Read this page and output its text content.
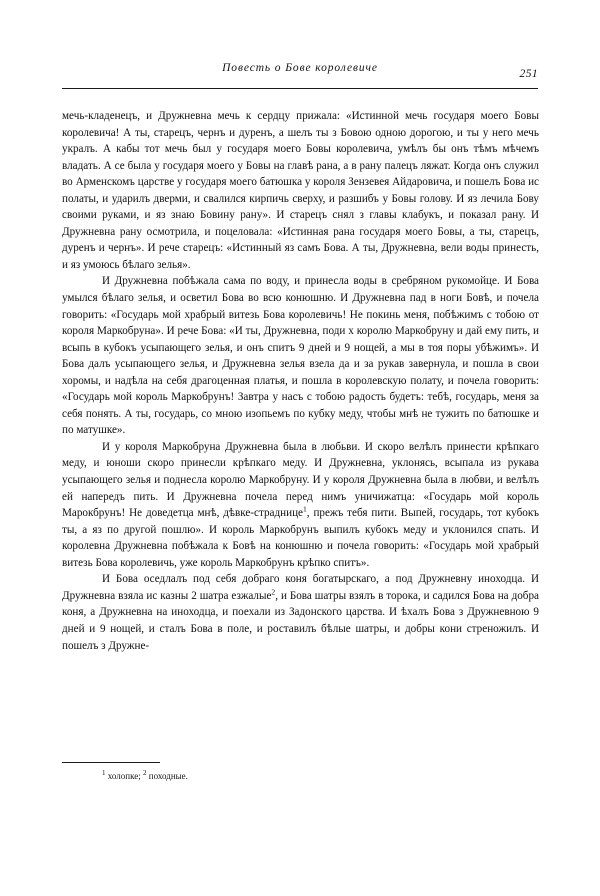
Повесть о Бове королевиче	251

мечь-кладенецъ, и Дружневна мечь к сердцу прижала: «Истинной мечь государя моего Бовы королевича! А ты, старецъ, чернъ и дуренъ, а шелъ ты з Бовою одною дорогою, и ты у него мечь укралъ. А кабы тот мечь был у государя моего Бовы королевича, умѣлъ бы онъ тѣмъ мѣчемъ владать. А се была у государя моего у Бовы на главѣ рана, а в рану палецъ ляжат. Когда онъ служил во Арменскомъ царстве у государя моего батюшка у короля Зензевея Айдаровича, и пошелъ Бова ис полаты, и ударилъ дверми, и свалился кирпичь сверху, и разшибъ у Бовы голову. И яз лечила Бову своими руками, и яз знаю Бовину рану». И старецъ снял з главы клабукъ, и показал рану. И Дружневна рану осмотрила, и поцеловала: «Истинная рана государя моего Бовы, а ты, старецъ, дуренъ и чернъ». И рече старецъ: «Истинный яз самъ Бова. А ты, Дружневна, вели воды принесть, и яз умоюсь бѣлаго зелья».

И Дружневна побѣжала сама по воду, и принесла воды в сребряном рукомойце. И Бова умылся бѣлаго зелья, и осветил Бова во всю конюшню. И Дружневна пад в ноги Бовѣ, и почела говорить: «Государь мой храбрый витезь Бова королевичь! Не покинь меня, побѣжимъ с тобою от короля Маркобруна». И рече Бова: «И ты, Дружневна, поди х королю Маркобруну и дай ему пить, и всыпь в кубокъ усыпающего зелья, и онъ спитъ 9 дней и 9 нощей, а мы в тоя поры убѣжимъ». И Бова далъ усыпающего зелья, и Дружневна зелья взела да и за рукав завернула, и пошла в свои хоромы, и надѣла на себя драгоценная платья, и пошла в королевскую полату, и почела говорить: «Государь мой король Маркобрунъ! Завтра у насъ с тобою радость будетъ: тебѣ, государь, меня за себя понять. А ты, государь, со мною изопьемъ по кубку меду, чтобы мнѣ не тужить по батюшке и по матушке».

И у короля Маркобруна Дружневна была в любьви. И скоро велѣлъ принести крѣпкаго меду, и юноши скоро принесли крѣпкаго меду. И Дружневна, уклонясь, всыпала из рукава усыпающего зелья и поднесла королю Маркобруну. И у короля Дружневна была в любви, и велѣлъ ей напередъ пить. И Дружневна почела перед нимъ уничижатца: «Государь мой король Марокбрунъ! Не доведетца мнѣ, дѣвке-страднице$^1$, прежъ тебя пити. Выпей, государь, тот кубокъ ты, а яз по другой пошлю». И король Маркобрунъ выпилъ кубокъ меду и уклонился спать. И королевна Дружневна побѣжала к Бовѣ на конюшню и почела говорить: «Государь мой храбрый витезь Бова королевичь, уже король Маркобрунъ крѣпко спитъ».

И Бова оседлалъ под себя добраго коня богатырскаго, а под Дружневну иноходца. И Дружневна взяла ис казны 2 шатра езжалые$^2$, и Бова шатры взялъ в торока, и садился Бова на добра коня, а Дружневна на иноходца, и поехали из Задонского царства. И ѣхалъ Бова з Дружневною 9 дней и 9 нощей, и сталъ Бова в поле, и роставилъ бѣлые шатры, и добры кони стреножилъ. И пошелъ з Дружне-

$^1$ холопке; $^2$ походные.
